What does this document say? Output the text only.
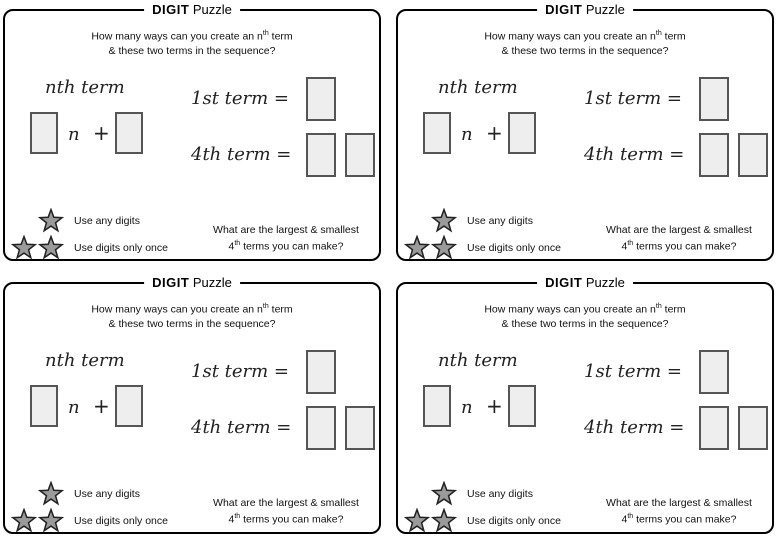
DIGIT Puzzle
How many ways can you create an $n^{th}$ term
& these two terms in the sequence?
nth term
n +
1st term =
4th term =
Use any digits
Use digits only once
What are the largest & smallest
4th terms you can make?
DIGIT Puzzle
How many ways can you create an $n^{th}$ term
& these two terms in the sequence?
nth term
n +
1st term =
4th term =
Use any digits
Use digits only once
What are the largest & smallest
4th terms you can make?
DIGIT Puzzle
How many ways can you create an $n^{th}$ term
& these two terms in the sequence?
nth term
n +
1st term =
4th term =
Use any digits
Use digits only once
What are the largest & smallest
4th terms you can make?
DIGIT Puzzle
How many ways can you create an $n^{th}$ term
& these two terms in the sequence?
nth term
n +
1st term =
4th term =
Use any digits
Use digits only once
What are the largest & smallest
4th terms you can make?
